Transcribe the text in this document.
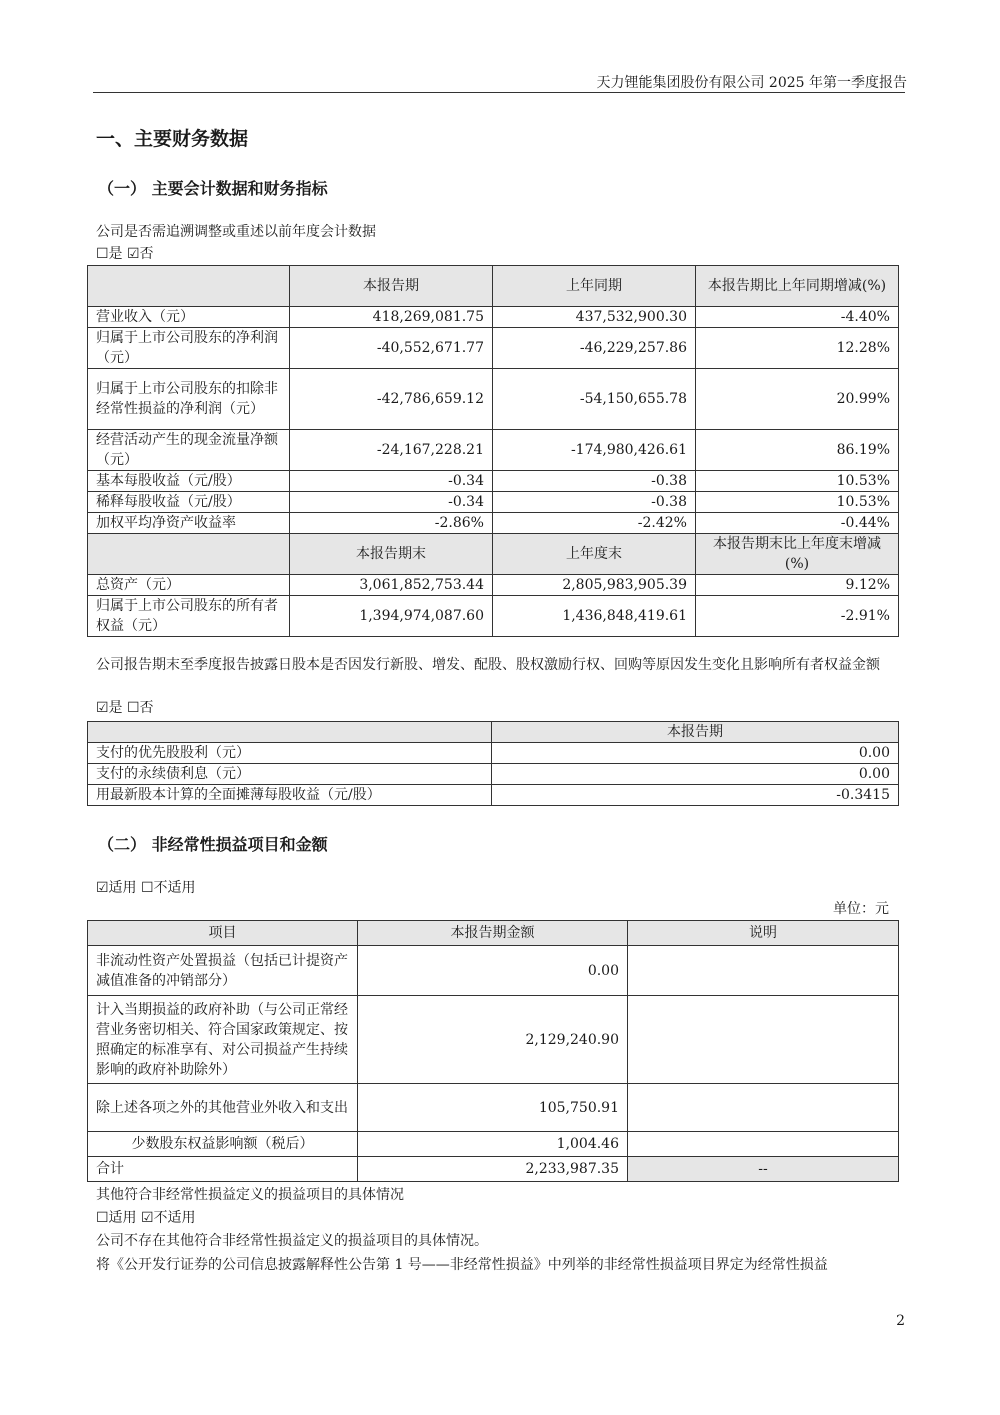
天力锂能集团股份有限公司 2025 年第一季度报告
一、主要财务数据
（一） 主要会计数据和财务指标
公司是否需追溯调整或重述以前年度会计数据
☐是 ☑否
	本报告期	上年同期	本报告期比上年同期增减(%)
营业收入（元）	418,269,081.75	437,532,900.30	-4.40%
归属于上市公司股东的净利润（元）	-40,552,671.77	-46,229,257.86	12.28%
归属于上市公司股东的扣除非经常性损益的净利润（元）	-42,786,659.12	-54,150,655.78	20.99%
经营活动产生的现金流量净额（元）	-24,167,228.21	-174,980,426.61	86.19%
基本每股收益（元/股）	-0.34	-0.38	10.53%
稀释每股收益（元/股）	-0.34	-0.38	10.53%
加权平均净资产收益率	-2.86%	-2.42%	-0.44%
	本报告期末	上年度末	本报告期末比上年度末增减(%)
总资产（元）	3,061,852,753.44	2,805,983,905.39	9.12%
归属于上市公司股东的所有者权益（元）	1,394,974,087.60	1,436,848,419.61	-2.91%
公司报告期末至季度报告披露日股本是否因发行新股、增发、配股、股权激励行权、回购等原因发生变化且影响所有者权益金额
☑是 ☐否
	本报告期
支付的优先股股利（元）	0.00
支付的永续债利息（元）	0.00
用最新股本计算的全面摊薄每股收益（元/股）	-0.3415
（二） 非经常性损益项目和金额
☑适用 ☐不适用
单位：元
项目	本报告期金额	说明
非流动性资产处置损益（包括已计提资产减值准备的冲销部分）	0.00	
计入当期损益的政府补助（与公司正常经营业务密切相关、符合国家政策规定、按照确定的标准享有、对公司损益产生持续影响的政府补助除外）	2,129,240.90	
除上述各项之外的其他营业外收入和支出	105,750.91	
少数股东权益影响额（税后）	1,004.46	
合计	2,233,987.35	--
其他符合非经常性损益定义的损益项目的具体情况
☐适用 ☑不适用
公司不存在其他符合非经常性损益定义的损益项目的具体情况。
将《公开发行证券的公司信息披露解释性公告第 1 号——非经常性损益》中列举的非经常性损益项目界定为经常性损益
2
